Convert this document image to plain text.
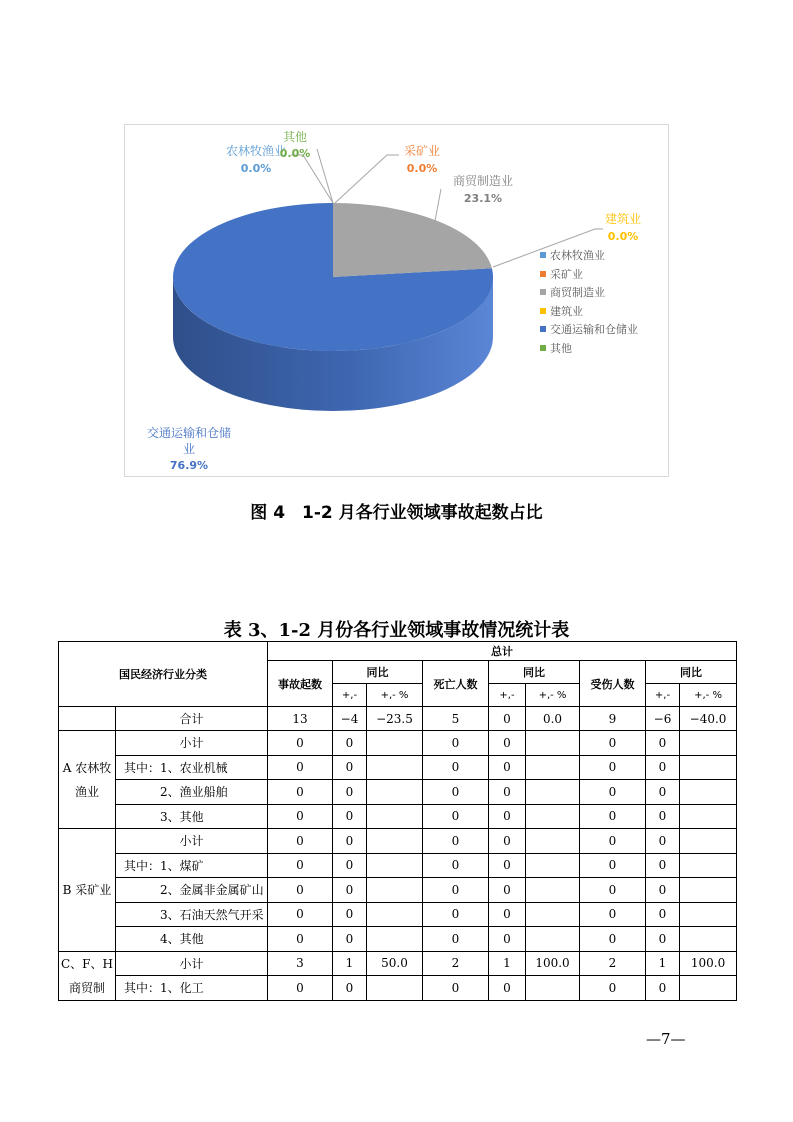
农林牧渔业
0.0%
其他
0.0%	采矿业
0.0%
商贸制造业
23.1%
建筑业
0.0%
交通运输和仓储
业
76.9%
农林牧渔业
采矿业
商贸制造业
建筑业
交通运输和仓储业
其他
图 4　1-2 月各行业领域事故起数占比
表 3、1-2 月份各行业领域事故情况统计表
国民经济行业分类		总计								
		事故起数	同比		死亡人数	同比		受伤人数	同比	
			+,-	+,- %		+,-	+,- %		+,-	+,- %
	合计	13	−4	−23.5	5	0	0.0	9	−6	−40.0
A 农林牧渔业	小计	0	0		0	0		0	0	
	其中：1、农业机械	0	0		0	0		0	0	
	2、渔业船舶	0	0		0	0		0	0	
	3、其他	0	0		0	0		0	0	
B 采矿业	小计	0	0		0	0		0	0	
	其中：1、煤矿	0	0		0	0		0	0	
	2、金属非金属矿山	0	0		0	0		0	0	
	3、石油天然气开采	0	0		0	0		0	0	
	4、其他	0	0		0	0		0	0	
C、F、H 商贸制	小计	3	1	50.0	2	1	100.0	2	1	100.0
	其中：1、化工	0	0		0	0		0	0	
—7—
